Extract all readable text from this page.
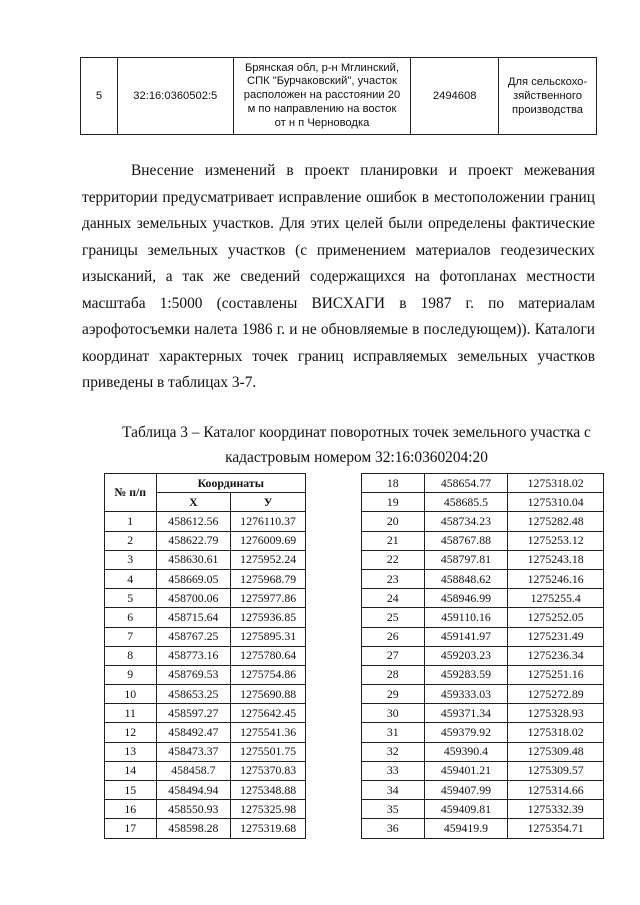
5	32:16:0360502:5	Брянская обл, р-н Мглинский,
СПК "Бурчаковский", участок
расположен на расстоянии 20
м по направлению на восток
от н п Черноводка	2494608	Для сельскохо-
зяйственного
производства

Внесение изменений в проект планировки и проект межевания территории предусматривает исправление ошибок в местоположении границ данных земельных участков. Для этих целей были определены фактические границы земельных участков (с применением материалов геодезических изысканий, а так же сведений содержащихся на фотопланах местности масштаба 1:5000 (составлены ВИСХАГИ в 1987 г. по материалам аэрофотосъемки налета 1986 г. и не обновляемые в последующем)). Каталоги координат характерных точек границ исправляемых земельных участков приведены в таблицах 3-7.

Таблица 3 – Каталог координат поворотных точек земельного участка с
кадастровым номером 32:16:0360204:20

№ п/п	Координаты	
	X	У
1	458612.56	1276110.37
2	458622.79	1276009.69
3	458630.61	1275952.24
4	458669.05	1275968.79
5	458700.06	1275977.86
6	458715.64	1275936.85
7	458767.25	1275895.31
8	458773.16	1275780.64
9	458769.53	1275754.86
10	458653.25	1275690.88
11	458597.27	1275642.45
12	458492.47	1275541.36
13	458473.37	1275501.75
14	458458.7	1275370.83
15	458494.94	1275348.88
16	458550.93	1275325.98
17	458598.28	1275319.68
18	458654.77	1275318.02
19	458685.5	1275310.04
20	458734.23	1275282.48
21	458767.88	1275253.12
22	458797.81	1275243.18
23	458848.62	1275246.16
24	458946.99	1275255.4
25	459110.16	1275252.05
26	459141.97	1275231.49
27	459203.23	1275236.34
28	459283.59	1275251.16
29	459333.03	1275272.89
30	459371.34	1275328.93
31	459379.92	1275318.02
32	459390.4	1275309.48
33	459401.21	1275309.57
34	459407.99	1275314.66
35	459409.81	1275332.39
36	459419.9	1275354.71
